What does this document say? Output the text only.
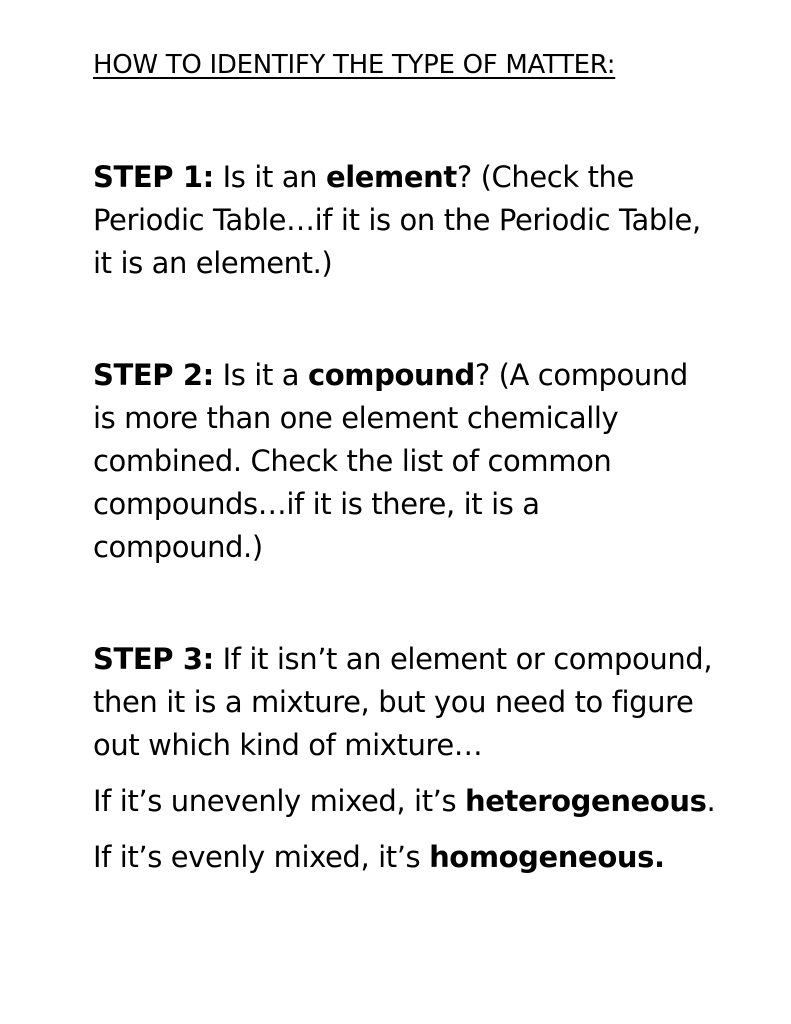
HOW TO IDENTIFY THE TYPE OF MATTER:
STEP 1: Is it an element? (Check the Periodic Table…if it is on the Periodic Table, it is an element.)
STEP 2: Is it a compound? (A compound is more than one element chemically combined. Check the list of common compounds…if it is there, it is a compound.)
STEP 3: If it isn’t an element or compound, then it is a mixture, but you need to figure out which kind of mixture…
If it’s unevenly mixed, it’s heterogeneous.
If it’s evenly mixed, it’s homogeneous.
